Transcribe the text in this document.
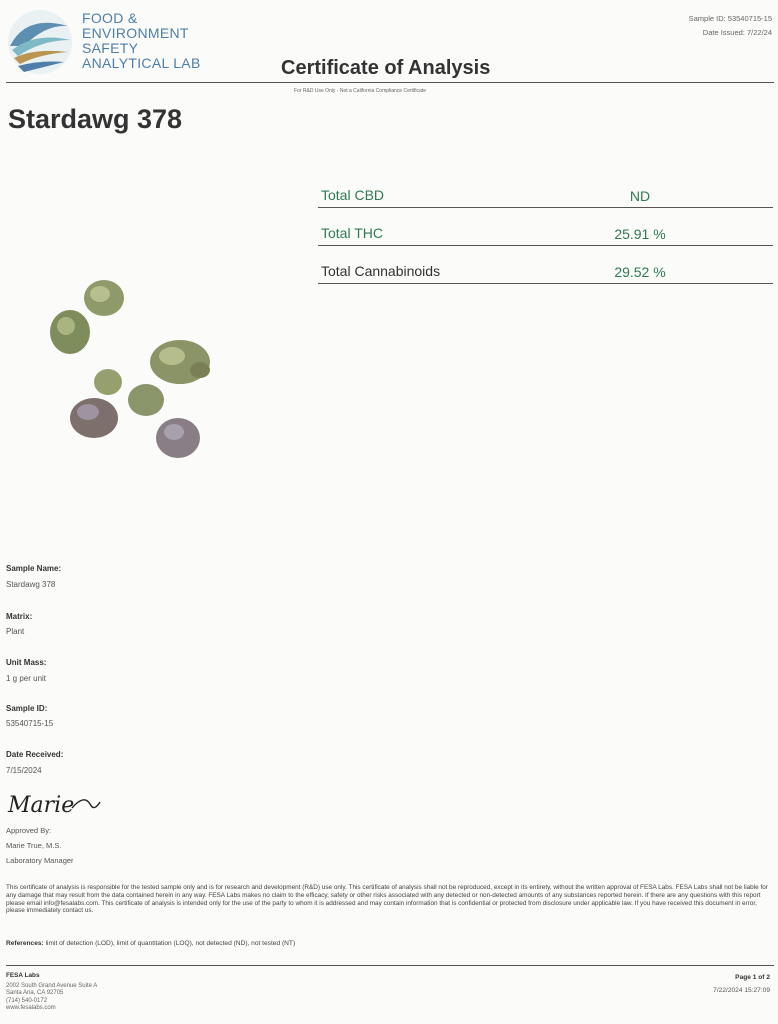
FOOD &
ENVIRONMENT
SAFETY
ANALYTICAL LAB	Certificate of Analysis
For R&D Use Only - Not a California Compliance Certificate
Sample ID: 53540715-15
Date Issued: 7/22/24
Stardawg 378
Total CBD	ND
Total THC	25.91 %
Total Cannabinoids	29.52 %
Sample Name:
Stardawg 378
Matrix:
Plant
Unit Mass:
1 g per unit
Sample ID:
53540715-15
Date Received:
7/15/2024
Marie
Approved By:
Marie True, M.S.
Laboratory Manager
This certificate of analysis is responsible for the tested sample only and is for research and development (R&D) use only. This certificate of analysis shall not be reproduced, except in its entirety, without the written approval of FESA Labs. FESA Labs shall not be liable for any damage that may result from the data contained herein in any way. FESA Labs makes no claim to the efficacy, safety or other risks associated with any detected or non-detected amounts of any substances reported herein. If there are any questions with this report please email info@fesalabs.com. This certificate of analysis is intended only for the use of the party to whom it is addressed and may contain information that is confidential or protected from disclosure under applicable law. If you have received this document in error, please immediately contact us.
References: limit of detection (LOD), limit of quantitation (LOQ), not detected (ND), not tested (NT)
FESA Labs
2002 South Grand Avenue Suite A
Santa Ana, CA 92705
(714) 540-0172
www.fesalabs.com
Page 1 of 2
7/22/2024 15:27:09
